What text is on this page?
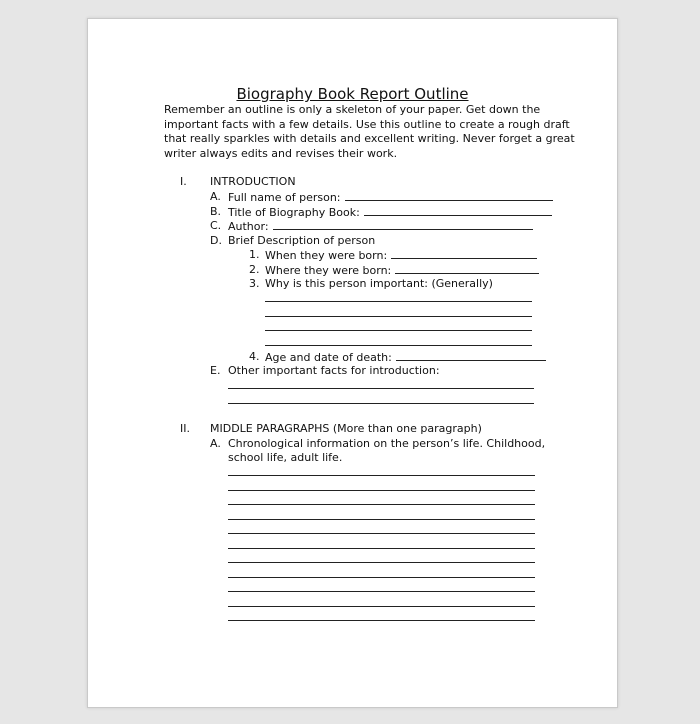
Biography Book Report Outline
Remember an outline is only a skeleton of your paper. Get down the
important facts with a few details. Use this outline to create a rough draft
that really sparkles with details and excellent writing. Never forget a great
writer always edits and revises their work.
I. INTRODUCTION
A. Full name of person:
B. Title of Biography Book:
C. Author:
D. Brief Description of person
1. When they were born:
2. Where they were born:
3. Why is this person important: (Generally)
4. Age and date of death:
E. Other important facts for introduction:
II. MIDDLE PARAGRAPHS (More than one paragraph)
A. Chronological information on the person’s life. Childhood,
school life, adult life.
